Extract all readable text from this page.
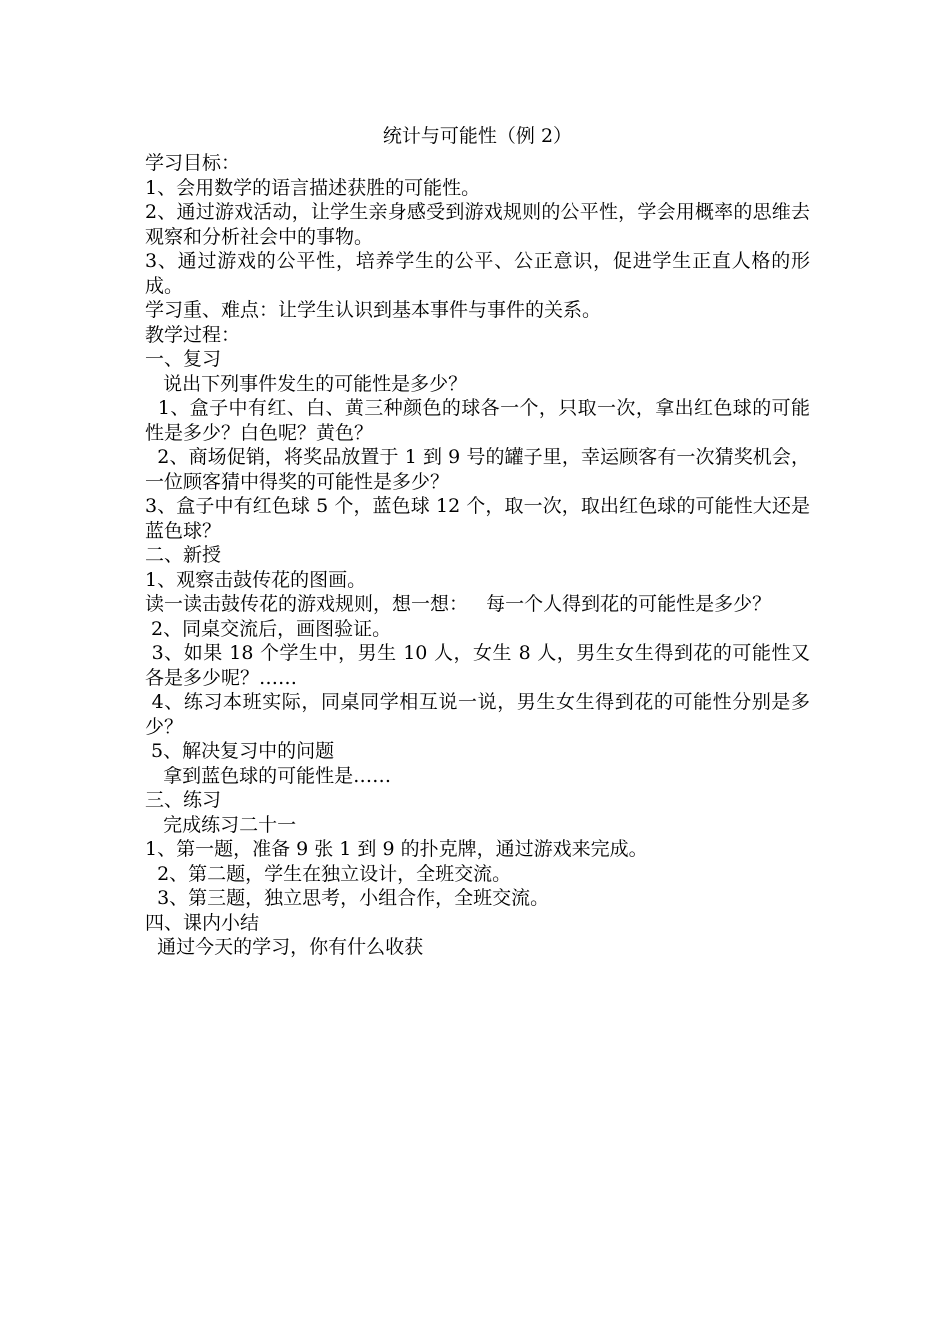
统计与可能性（例 2）
学习目标：
1、会用数学的语言描述获胜的可能性。
2、通过游戏活动，让学生亲身感受到游戏规则的公平性，学会用概率的思维去观察和分析社会中的事物。
3、通过游戏的公平性，培养学生的公平、公正意识，促进学生正直人格的形成。
学习重、难点：让学生认识到基本事件与事件的关系。
教学过程：
一、复习
说出下列事件发生的可能性是多少？
1、盒子中有红、白、黄三种颜色的球各一个，只取一次，拿出红色球的可能性是多少？白色呢？黄色？
2、商场促销，将奖品放置于 1 到 9 号的罐子里，幸运顾客有一次猜奖机会，一位顾客猜中得奖的可能性是多少？
3、盒子中有红色球 5 个，蓝色球 12 个，取一次，取出红色球的可能性大还是蓝色球？
二、新授
1、观察击鼓传花的图画。
读一读击鼓传花的游戏规则，想一想：   每一个人得到花的可能性是多少？
2、同桌交流后，画图验证。
3、如果 18 个学生中，男生 10 人，女生 8 人，男生女生得到花的可能性又各是多少呢？……
4、练习本班实际，同桌同学相互说一说，男生女生得到花的可能性分别是多少？
5、解决复习中的问题
拿到蓝色球的可能性是……
三、练习
完成练习二十一
1、第一题，准备 9 张 1 到 9 的扑克牌，通过游戏来完成。
2、第二题，学生在独立设计，全班交流。
3、第三题，独立思考，小组合作，全班交流。
四、课内小结
通过今天的学习，你有什么收获
